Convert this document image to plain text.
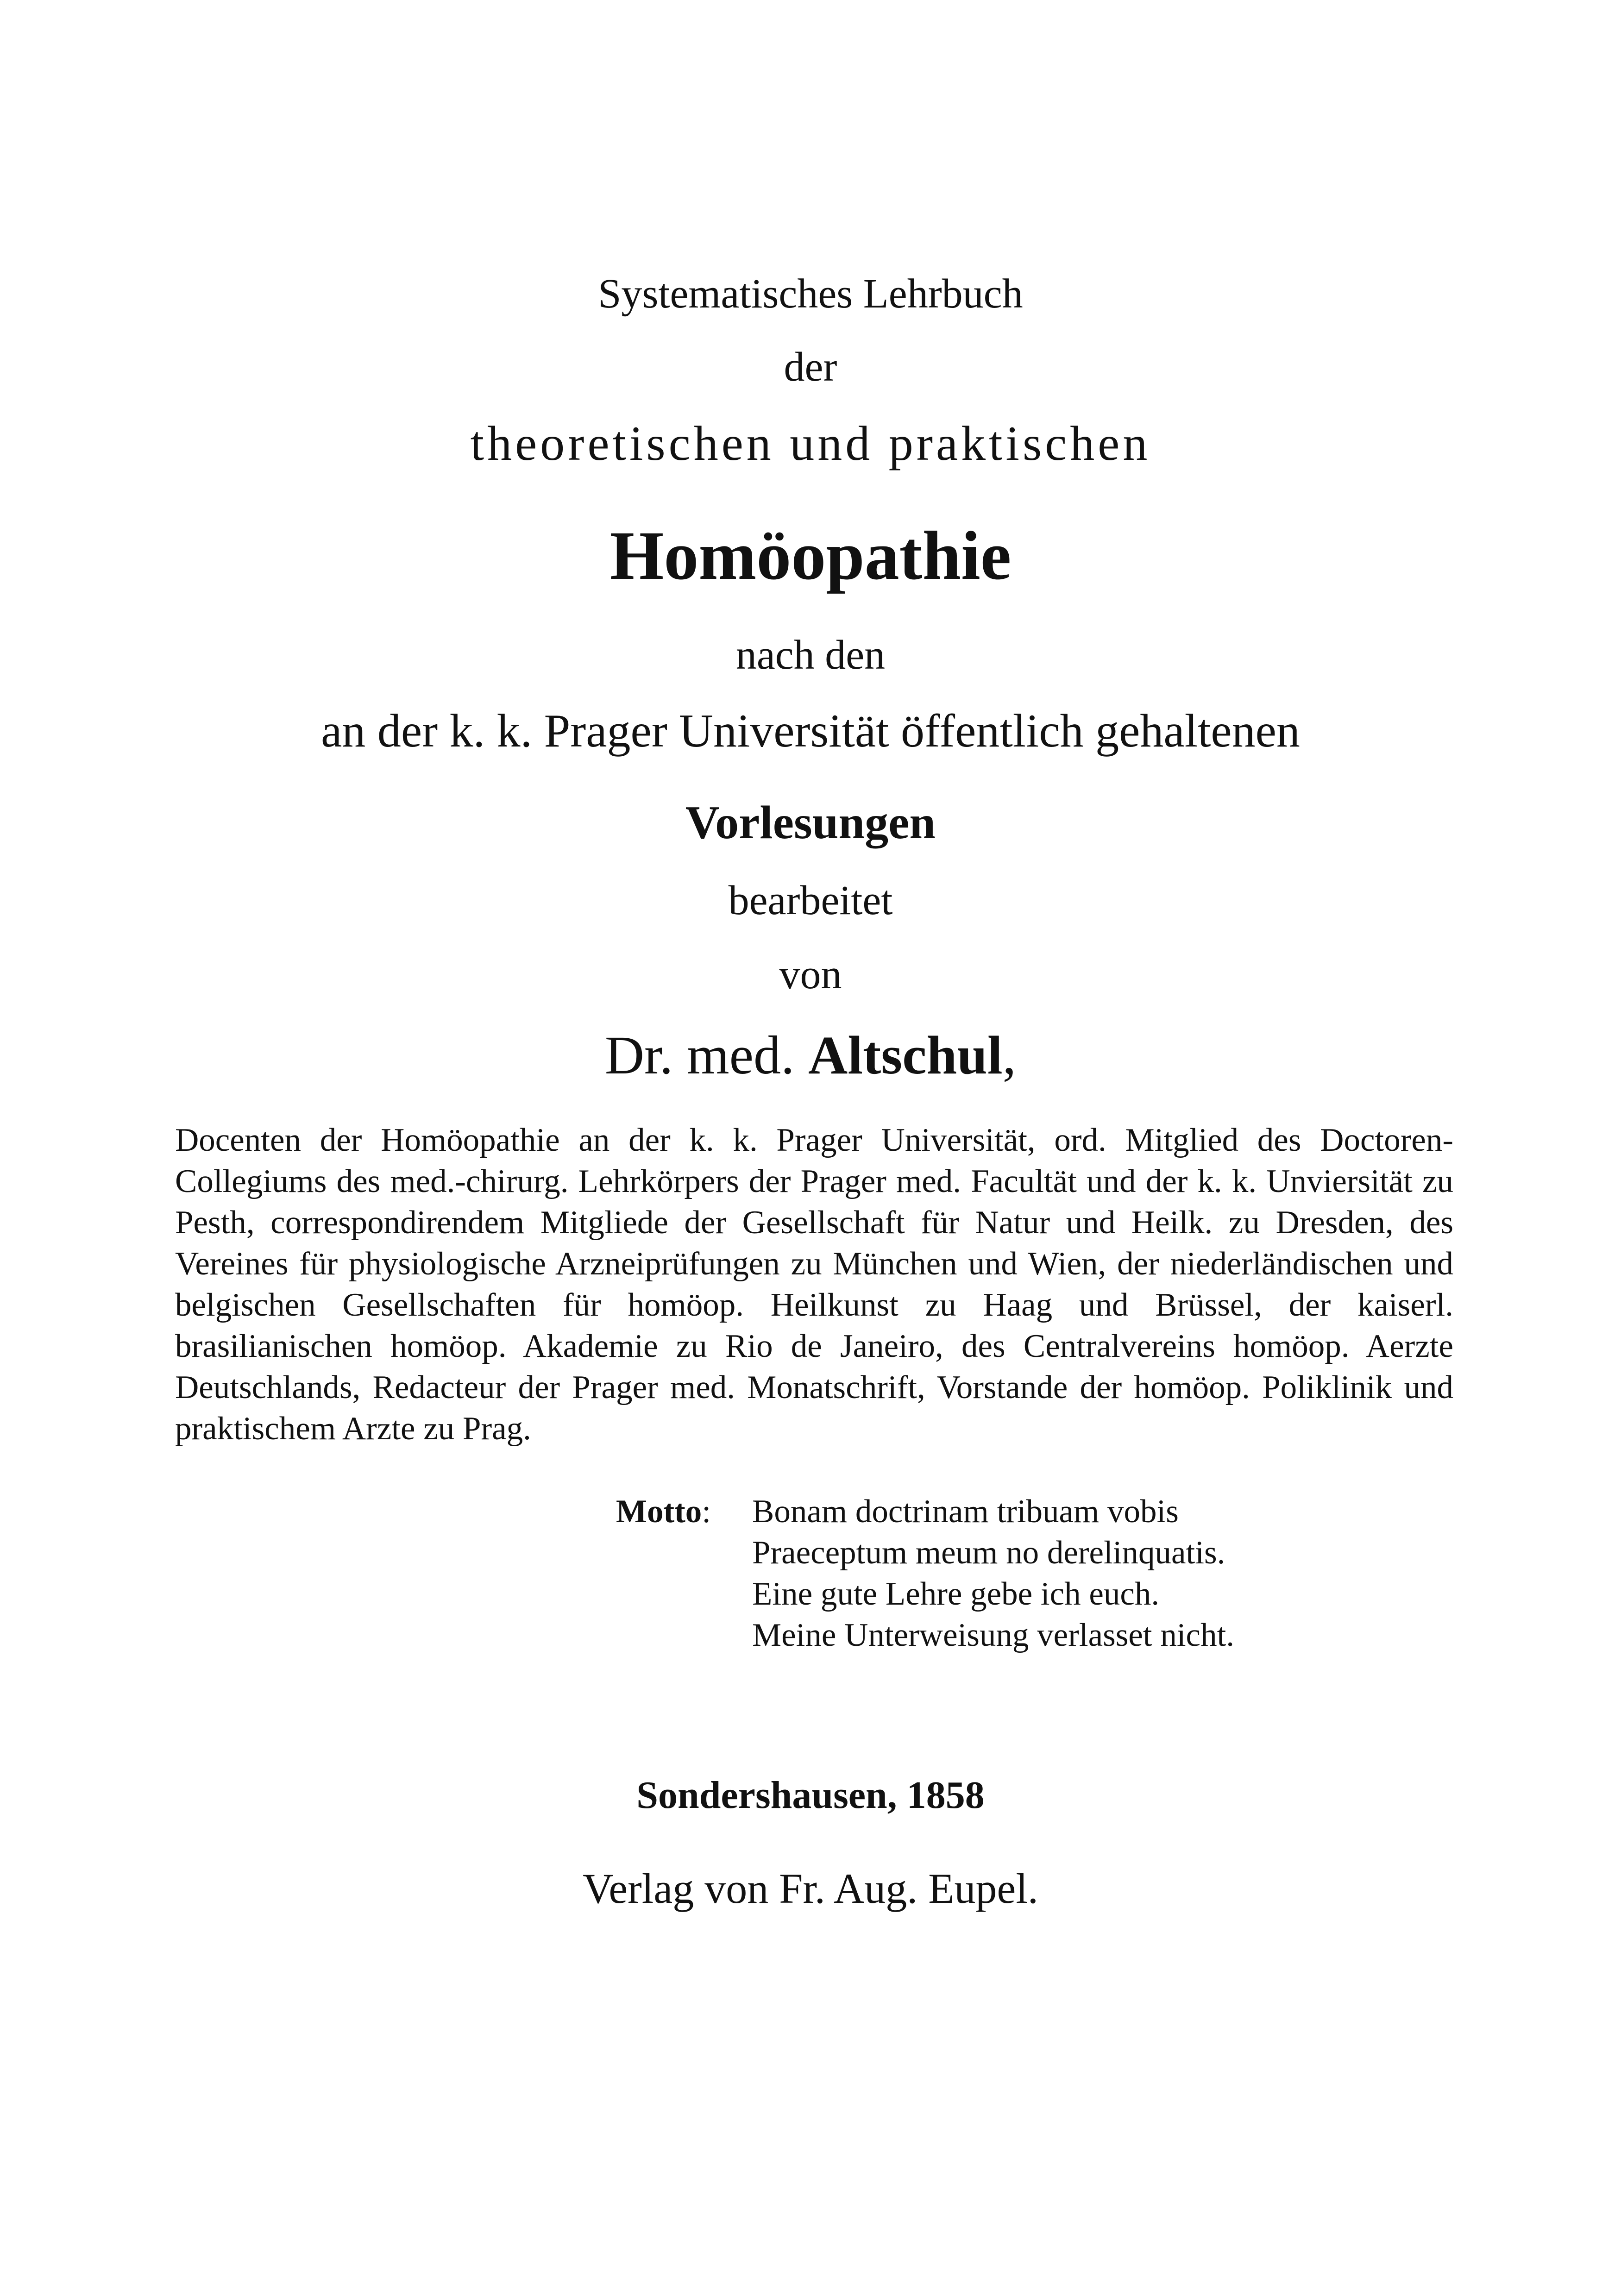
Systematisches Lehrbuch
der
theoretischen und praktischen
Homöopathie
nach den
an der k. k. Prager Universität öffentlich gehaltenen
Vorlesungen
bearbeitet
von
Dr. med. Altschul,
Docenten der Homöopathie an der k. k. Prager Universität, ord. Mitglied des Doctoren-Collegiums des med.-chirurg. Lehrkörpers der Prager med. Facultät und der k. k. Unviersität zu Pesth, correspondirendem Mitgliede der Gesellschaft für Natur und Heilk. zu Dresden, des Vereines für physiologische Arzneiprüfungen zu München und Wien, der niederländischen und belgischen Gesellschaften für homöop. Heilkunst zu Haag und Brüssel, der kaiserl. brasilianischen homöop. Akademie zu Rio de Janeiro, des Centralvereins homöop. Aerzte Deutschlands, Redacteur der Prager med. Monatschrift, Vorstande der homöop. Poliklinik und praktischem Arzte zu Prag.
Motto: Bonam doctrinam tribuam vobis
Praeceptum meum no derelinquatis.
Eine gute Lehre gebe ich euch.
Meine Unterweisung verlasset nicht.
Sondershausen, 1858
Verlag von Fr. Aug. Eupel.
